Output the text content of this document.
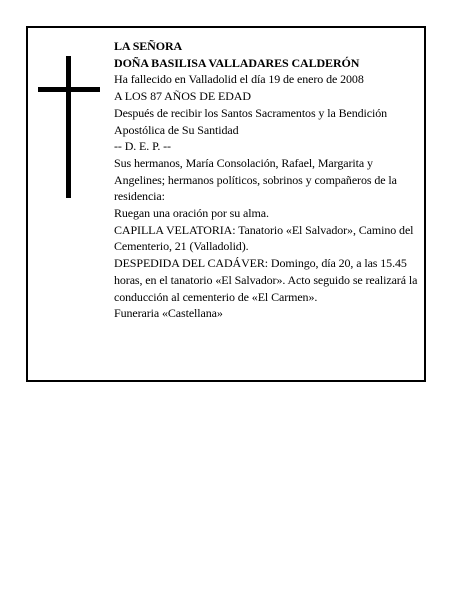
LA SEÑORA

DOÑA BASILISA VALLADARES CALDERÓN

Ha fallecido en Valladolid el día 19 de enero de 2008

A LOS 87 AÑOS DE EDAD

Después de recibir los Santos Sacramentos y la Bendición Apostólica de Su Santidad

-- D. E. P. --

Sus hermanos, María Consolación, Rafael, Margarita y Angelines; hermanos políticos, sobrinos y compañeros de la residencia:

Ruegan una oración por su alma.

CAPILLA VELATORIA: Tanatorio «El Salvador», Camino del Cementerio, 21 (Valladolid).

DESPEDIDA DEL CADÁVER: Domingo, día 20, a las 15.45 horas, en el tanatorio «El Salvador». Acto seguido se realizará la conducción al cementerio de «El Carmen».

Funeraria «Castellana»
